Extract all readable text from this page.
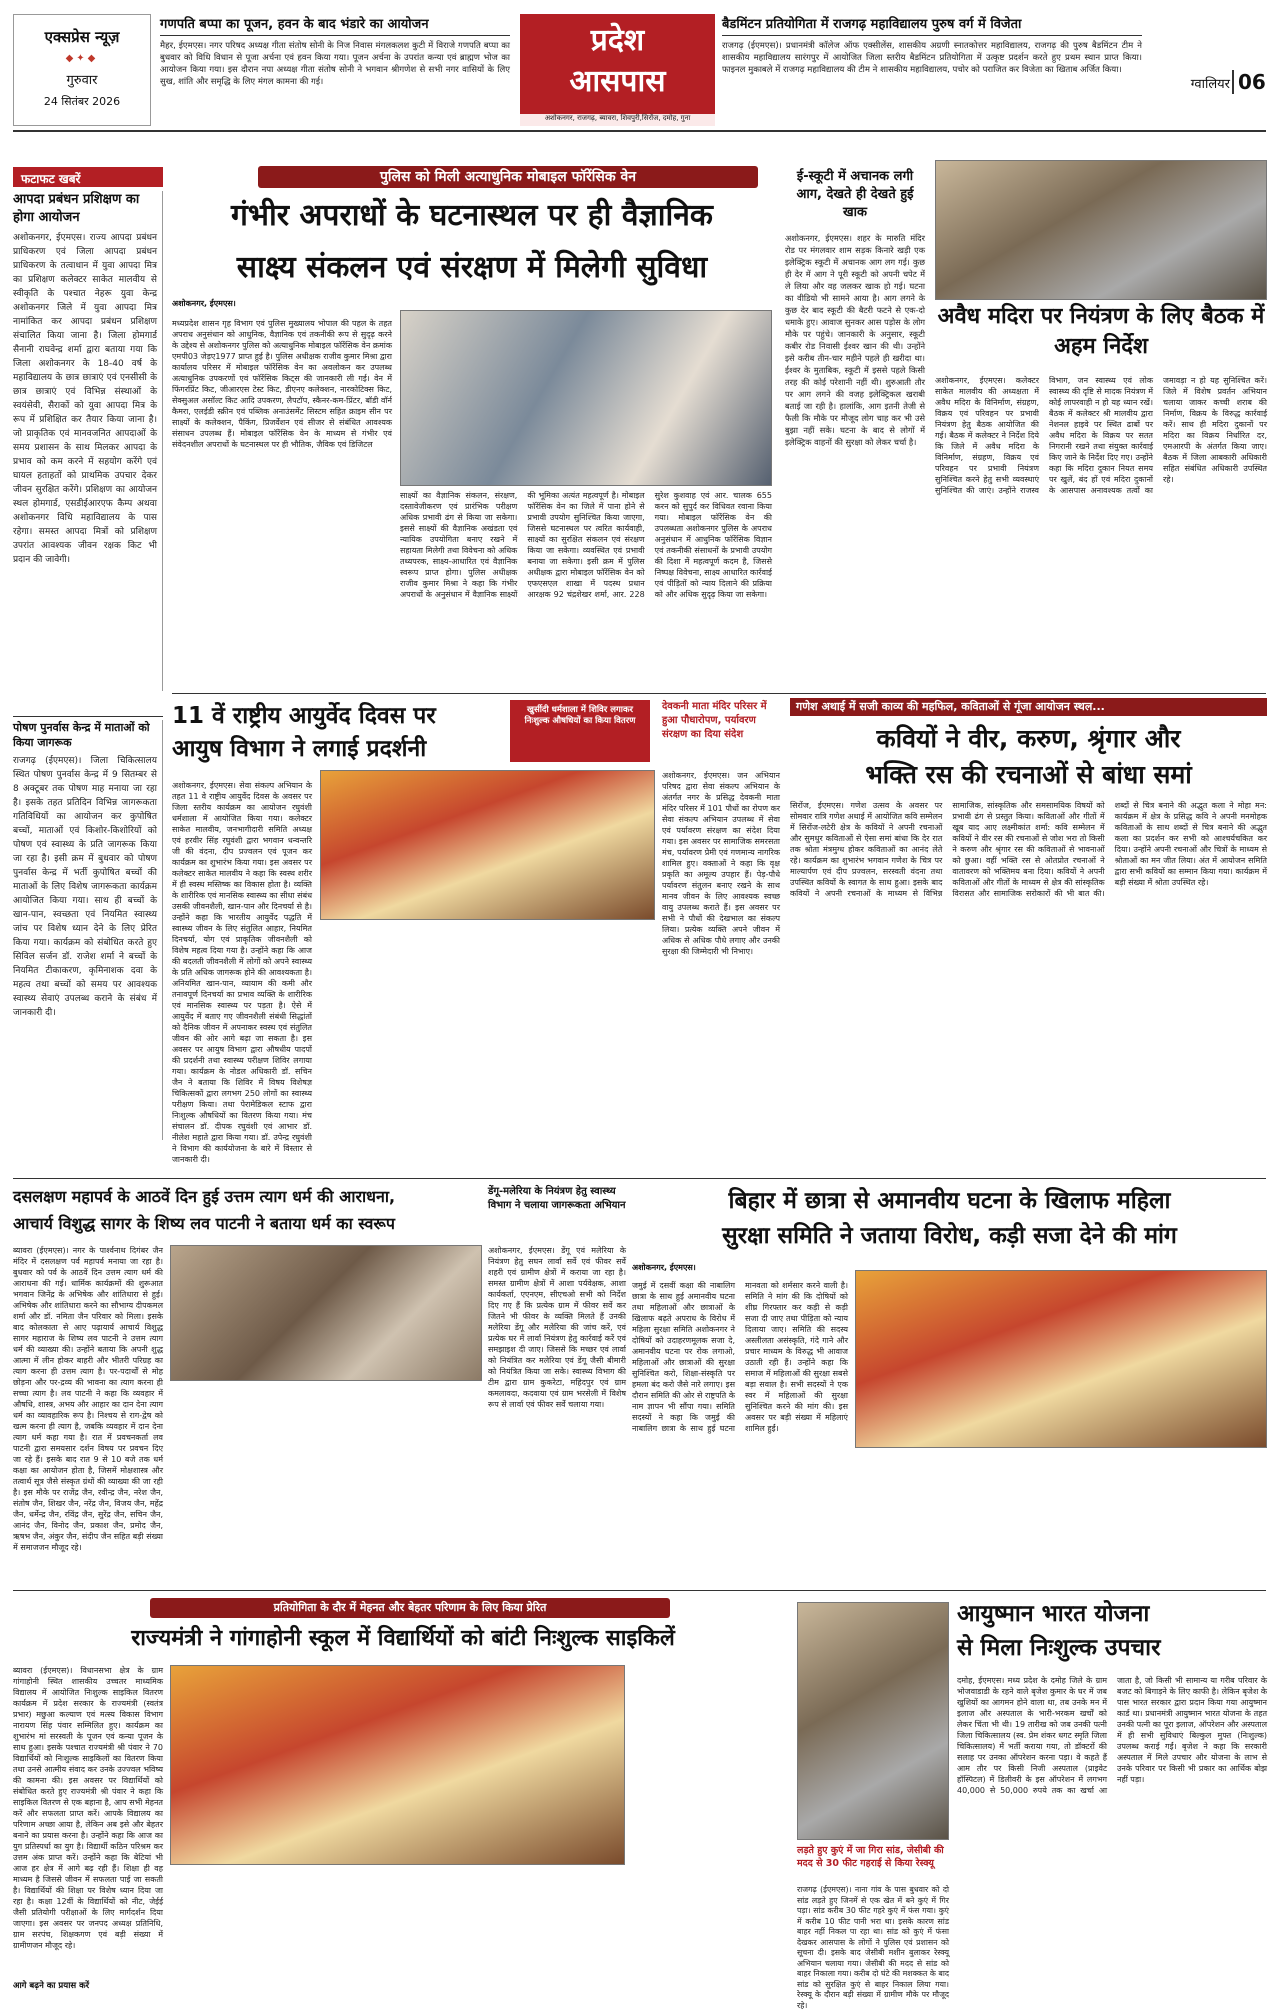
एक्सप्रेस न्यूज़
◆✦◆
गुरुवार
24 सितंबर 2026
गणपति बप्पा का पूजन, हवन के बाद भंडारे का आयोजन
मैहर, ईएमएस। नगर परिषद अध्यक्ष गीता संतोष सोनी के निज निवास मंगलकलश कुटी में विराजे गणपति बप्पा का बुधवार को विधि विधान से पूजा अर्चना एवं हवन किया गया। पूजन अर्चना के उपरांत कन्या एवं ब्राह्मण भोज का आयोजन किया गया। इस दौरान नपा अध्यक्ष गीता संतोष सोनी ने भगवान श्रीगणेश से सभी नगर वासियों के लिए सुख, शांति और समृद्धि के लिए मंगल कामना की गई।
प्रदेश
आसपास
अशोकनगर, राजगढ़, ब्यावरा, शिवपुरी,सिरोंज, दमोह, गुना
बैडमिंटन प्रतियोगिता में राजगढ़ महाविद्यालय पुरुष वर्ग में विजेता
राजगढ़ (ईएमएस)। प्रधानमंत्री कॉलेज ऑफ एक्सीलेंस, शासकीय अग्रणी स्नातकोत्तर महाविद्यालय, राजगढ़ की पुरुष बैडमिंटन टीम ने शासकीय महाविद्यालय सारंगपुर में आयोजित जिला स्तरीय बैडमिंटन प्रतियोगिता में उत्कृष्ट प्रदर्शन करते हुए प्रथम स्थान प्राप्त किया। फाइनल मुकाबले में राजगढ़ महाविद्यालय की टीम ने शासकीय महाविद्यालय, पचोर को पराजित कर विजेता का खिताब अर्जित किया।
ग्वालियर 06
फटाफट खबरें
आपदा प्रबंधन प्रशिक्षण का होगा आयोजन
अशोकनगर, ईएमएस। राज्य आपदा प्रबंधन प्राधिकरण एवं जिला आपदा प्रबंधन प्राधिकरण के तत्वाधान में युवा आपदा मित्र का प्रशिक्षण कलेक्टर साकेत मालवीय से स्वीकृति के पश्चात नेहरू युवा केन्द्र अशोकनगर जिले में युवा आपदा मित्र नामांकित कर आपदा प्रबंधन प्रशिक्षण संचालित किया जाना है। जिला होमगार्ड सैनानी राघवेन्द्र शर्मा द्वारा बताया गया कि जिला अशोकनगर के 18-40 वर्ष के महाविद्यालय के छात्र छात्राएं एवं एनसीसी के छात्र छात्राएं एवं विभिन्न संस्थाओं के स्वयंसेवी, सैराकों को युवा आपदा मित्र के रूप में प्रशिक्षित कर तैयार किया जाना है। जो प्राकृतिक एवं मानवजनित आपदाओं के समय प्रशासन के साथ मिलकर आपदा के प्रभाव को कम करने में सहयोग करेंगे एवं घायल हताहतों को प्राथमिक उपचार देकर जीवन सुरक्षित करेंगे। प्रशिक्षण का आयोजन स्थल होमगार्ड, एसडीईआरएफ कैम्प अथवा अशोकनगर विधि महाविद्यालय के पास रहेगा। समस्त आपदा मित्रों को प्रशिक्षण उपरांत आवश्यक जीवन रक्षक किट भी प्रदान की जावेगी।
पोषण पुनर्वास केन्द्र में माताओं को किया जागरूक
राजगढ़ (ईएमएस)। जिला चिकित्सालय स्थित पोषण पुनर्वास केन्द्र में 9 सितम्बर से 8 अक्टूबर तक पोषण माह मनाया जा रहा है। इसके तहत प्रतिदिन विभिन्न जागरूकता गतिविधियों का आयोजन कर कुपोषित बच्चों, माताओं एवं किशोर-किशोरियों को पोषण एवं स्वास्थ्य के प्रति जागरूक किया जा रहा है। इसी क्रम में बुधवार को पोषण पुनर्वास केन्द्र में भर्ती कुपोषित बच्चों की माताओं के लिए विशेष जागरूकता कार्यक्रम आयोजित किया गया। साथ ही बच्चों के खान-पान, स्वच्छता एवं नियमित स्वास्थ्य जांच पर विशेष ध्यान देने के लिए प्रेरित किया गया। कार्यक्रम को संबोधित करते हुए सिविल सर्जन डॉ. राजेश शर्मा ने बच्चों के नियमित टीकाकरण, कृमिनाशक दवा के महत्व तथा बच्चों को समय पर आवश्यक स्वास्थ्य सेवाएं उपलब्ध कराने के संबंध में जानकारी दी।
पुलिस को मिली अत्याधुनिक मोबाइल फॉरेंसिक वेन
गंभीर अपराधों के घटनास्थल पर ही वैज्ञानिक
साक्ष्य संकलन एवं संरक्षण में मिलेगी सुविधा
अशोकनगर, ईएमएस।
मध्यप्रदेश शासन गृह विभाग एवं पुलिस मुख्यालय भोपाल की पहल के तहत अपराध अनुसंधान को आधुनिक, वैज्ञानिक एवं तकनीकी रूप से सुदृढ़ करने के उद्देश्य से अशोकनगर पुलिस को अत्याधुनिक मोबाइल फॉरेंसिक वेन क्रमांक एमपी03 जेड़ए1977 प्राप्त हुई है। पुलिस अधीक्षक राजीव कुमार मिश्रा द्वारा कार्यालय परिसर में मोबाइल फॉरेंसिक वेन का अवलोकन कर उपलब्ध अत्याधुनिक उपकरणों एवं फॉरेंसिक किट्स की जानकारी ली गई। वेन में फिंगरप्रिंट किट, जीआरएस टेस्ट किट, डीएनए कलेक्शन, नारकोटिक्स किट, सेक्सुअल असॉल्ट किट आदि उपकरण, लैपटॉप, स्कैनर-कम-प्रिंटर, बॉडी वॉर्न कैमरा, एलईडी स्क्रीन एवं पब्लिक अनाउंसमेंट सिस्टम सहित क्राइम सीन पर साक्ष्यों के कलेक्शन, पैकिंग, प्रिजर्वेशन एवं सीजर से संबंधित आवश्यक संसाधन उपलब्ध हैं। मोबाइल फॉरेंसिक वेन के माध्यम से गंभीर एवं संवेदनशील अपराधों के घटनास्थल पर ही भौतिक, जैविक एवं डिजिटल
साक्ष्यों का वैज्ञानिक संकलन, संरक्षण, दस्तावेजीकरण एवं प्रारंभिक परीक्षण अधिक प्रभावी ढंग से किया जा सकेगा। इससे साक्ष्यों की वैज्ञानिक अखंडता एवं न्यायिक उपयोगिता बनाए रखने में सहायता मिलेगी तथा विवेचना को अधिक तथ्यपरक, साक्ष्य-आधारित एवं वैज्ञानिक स्वरूप प्राप्त होगा। पुलिस अधीक्षक राजीव कुमार मिश्रा ने कहा कि गंभीर अपराधों के अनुसंधान में वैज्ञानिक साक्ष्यों की भूमिका अत्यंत महत्वपूर्ण है। मोबाइल फॉरेंसिक वेन का जिले में पाना होने से प्रभावी उपयोग सुनिश्चित किया जाएगा, जिससे घटनास्थल पर त्वरित कार्यवाही, साक्ष्यों का सुरक्षित संकलन एवं संरक्षण किया जा सकेगा। व्यवस्थित एवं प्रभावी बनाया जा सकेगा। इसी क्रम में पुलिस अधीक्षक द्वारा मोबाइल फॉरेंसिक वेन को एफएसएल शाखा में पदस्थ प्रधान आरक्षक 92 चंद्रशेखर शर्मा, आर. 228 सुरेश कुशवाह एवं आर. चालक 655 करन को सुपुर्द कर विधिवत रवाना किया गया। मोबाइल फॉरेंसिक वेन की उपलब्धता अशोकनगर पुलिस के अपराध अनुसंधान में आधुनिक फॉरेंसिक विज्ञान एवं तकनीकी संसाधनों के प्रभावी उपयोग की दिशा में महत्वपूर्ण कदम है, जिससे निष्पक्ष विवेचना, साक्ष्य आधारित कार्रवाई एवं पीड़ितों को न्याय दिलाने की प्रक्रिया को और अधिक सुदृढ़ किया जा सकेगा।
ई-स्कूटी में अचानक लगी आग, देखते ही देखते हुई खाक
अशोकनगर, ईएमएस। शहर के मारुति मंदिर रोड पर मंगलवार शाम सड़क किनारे खड़ी एक इलेक्ट्रिक स्कूटी में अचानक आग लग गई। कुछ ही देर में आग ने पूरी स्कूटी को अपनी चपेट में ले लिया और वह जलकर खाक हो गई। घटना का वीडियो भी सामने आया है। आग लगने के कुछ देर बाद स्कूटी की बैटरी फटने से एक-दो धमाके हुए। आवाज सुनकर आस पड़ोस के लोग मौके पर पहुंचे। जानकारी के अनुसार, स्कूटी कबीर रोड निवासी ईश्वर खान की थी। उन्होंने इसे करीब तीन-चार महीने पहले ही खरीदा था। ईश्वर के मुताबिक, स्कूटी में इससे पहले किसी तरह की कोई परेशानी नहीं थी। शुरुआती तौर पर आग लगने की वजह इलेक्ट्रिकल खराबी बताई जा रही है। हालांकि, आग इतनी तेजी से फैली कि मौके पर मौजूद लोग चाह कर भी उसे बुझा नहीं सके। घटना के बाद से लोगों में इलेक्ट्रिक वाहनों की सुरक्षा को लेकर चर्चा है।
अवैध मदिरा पर नियंत्रण के लिए बैठक में अहम निर्देश
अशोकनगर, ईएमएस। कलेक्टर साकेत मालवीय की अध्यक्षता में अवैध मदिरा के विनिर्माण, संग्रहण, विक्रय एवं परिवहन पर प्रभावी नियंत्रण हेतु बैठक आयोजित की गई। बैठक में कलेक्टर ने निर्देश दिये कि जिले में अवैध मदिरा के विनिर्माण, संग्रहण, विक्रय एवं परिवहन पर प्रभावी नियंत्रण सुनिश्चित करने हेतु सभी व्यवस्थाएं सुनिश्चित की जाएं। उन्होंने राजस्व विभाग, जन स्वास्थ्य एवं लोक स्वास्थ्य की दृष्टि से मादक नियंत्रण में कोई लापरवाही न हो यह ध्यान रखें। बैठक में कलेक्टर श्री मालवीय द्वारा नेशनल हाइवे पर स्थित ढाबों पर अवैध मदिरा के विक्रय पर सतत निगरानी रखने तथा संयुक्त कार्रवाई किए जाने के निर्देश दिए गए। उन्होंने कहा कि मदिरा दुकान नियत समय पर खुलें, बंद हों एवं मदिरा दुकानों के आसपास अनावश्यक तत्वों का जमावड़ा न हो यह सुनिश्चित करें। जिले में विशेष प्रवर्तन अभियान चलाया जाकर कच्ची शराब की निर्माण, विक्रय के विरुद्ध कार्रवाई करें। साथ ही मदिरा दुकानों पर मदिरा का विक्रय निर्धारित दर, एमआरपी के अंतर्गत किया जाए। बैठक में जिला आबकारी अधिकारी सहित संबंधित अधिकारी उपस्थित रहे।
11 वें राष्ट्रीय आयुर्वेद दिवस पर
आयुष विभाग ने लगाई प्रदर्शनी
खुर्सीदी धर्मशाला में शिविर लगाकर निःशुल्क औषधियों का किया वितरण
अशोकनगर, ईएमएस। सेवा संकल्प अभियान के तहत 11 वे राष्ट्रीय आयुर्वेद दिवस के अवसर पर जिला स्तरीय कार्यक्रम का आयोजन रघुवंशी धर्मशाला में आयोजित किया गया। कलेक्टर साकेत मालवीय, जनभागीदारी समिति अध्यक्ष एवं हरवीर सिंह रघुवंशी द्वारा भगवान धन्वन्तरि जी की वंदना, दीप प्रज्वलन एवं पूजन कर कार्यक्रम का शुभारंभ किया गया। इस अवसर पर कलेक्टर साकेत मालवीय ने कहा कि स्वस्थ शरीर में ही स्वस्थ मस्तिष्क का विकास होता है। व्यक्ति के शारीरिक एवं मानसिक स्वास्थ्य का सीधा संबंध उसकी जीवनशैली, खान-पान और दिनचर्या से है। उन्होंने कहा कि भारतीय आयुर्वेद पद्धति में स्वास्थ्य जीवन के लिए संतुलित आहार, नियमित दिनचर्या, योग एवं प्राकृतिक जीवनशैली को विशेष महत्व दिया गया है। उन्होंने कहा कि आज की बदलती जीवनशैली में लोगों को अपने स्वास्थ्य के प्रति अधिक जागरूक होने की आवश्यकता है। अनियमित खान-पान, व्यायाम की कमी और तनावपूर्ण दिनचर्या का प्रभाव व्यक्ति के शारीरिक एवं मानसिक स्वास्थ्य पर पड़ता है। ऐसे में आयुर्वेद में बताए गए जीवनशैली संबंधी सिद्धांतों को दैनिक जीवन में अपनाकर स्वस्थ एवं संतुलित जीवन की ओर आगे बढ़ा जा सकता है। इस अवसर पर आयुष विभाग द्वारा औषधीय पादपों की प्रदर्शनी तथा स्वास्थ्य परीक्षण शिविर लगाया गया। कार्यक्रम के नोडल अधिकारी डॉ. सचिन जैन ने बताया कि शिविर में विषय विशेषज्ञ चिकित्सकों द्वारा लगभग 250 लोगों का स्वास्थ्य परीक्षण किया। तथा पेरामेडिकल स्टाफ द्वारा निःशुल्क औषधियों का वितरण किया गया। मंच संचालन डॉ. दीपक रघुवंशी एवं आभार डॉ. नीलेश महाते द्वारा किया गया। डॉ. उपेन्द्र रघुवंशी ने विभाग की कार्ययोजना के बारे में विस्तार से जानकारी दी।
देवकनी माता मंदिर परिसर में हुआ पौधारोपण, पर्यावरण संरक्षण का दिया संदेश
अशोकनगर, ईएमएस। जन अभियान परिषद द्वारा सेवा संकल्प अभियान के अंतर्गत नगर के प्रसिद्ध देवकनी माता मंदिर परिसर में 101 पौधों का रोपण कर सेवा संकल्प अभियान उपलब्ध में सेवा एवं पर्यावरण संरक्षण का संदेश दिया गया। इस अवसर पर सामाजिक समरसता मंच, पर्यावरण प्रेमी एवं गणमान्य नागरिक शामिल हुए। वक्ताओं ने कहा कि वृक्ष प्रकृति का अमूल्य उपहार हैं। पेड़-पौधे पर्यावरण संतुलन बनाए रखने के साथ मानव जीवन के लिए आवश्यक स्वच्छ वायु उपलब्ध कराते हैं। इस अवसर पर सभी ने पौधों की देखभाल का संकल्प लिया। प्रत्येक व्यक्ति अपने जीवन में अधिक से अधिक पौधे लगाए और उनकी सुरक्षा की जिम्मेदारी भी निभाए।
गणेश अथाई में सजी काव्य की महफिल, कविताओं से गूंजा आयोजन स्थल...
कवियों ने वीर, करुण, श्रृंगार और
भक्ति रस की रचनाओं से बांधा समां
सिरोंज, ईएमएस। गणेश उत्सव के अवसर पर सोमवार रात्रि गणेश अथाई में आयोजित कवि सम्मेलन में सिरोंज-लटेरी क्षेत्र के कवियों ने अपनी रचनाओं और सुमधुर कविताओं से ऐसा समां बांधा कि देर रात तक श्रोता मंत्रमुग्ध होकर कविताओं का आनंद लेते रहे। कार्यक्रम का शुभारंभ भगवान गणेश के चित्र पर माल्यार्पण एवं दीप प्रज्वलन, सरस्वती वंदना तथा उपस्थित कवियों के स्वागत के साथ हुआ। इसके बाद कवियों ने अपनी रचनाओं के माध्यम से विभिन्न सामाजिक, सांस्कृतिक और समसामयिक विषयों को प्रभावी ढंग से प्रस्तुत किया। कविताओं और गीतों में खूब याद आए लक्ष्मीकांत शर्मा: कवि सम्मेलन में कवियों ने वीर रस की रचनाओं से जोश भरा तो किसी ने करुण और श्रृंगार रस की कविताओं से भावनाओं को छुआ। वहीं भक्ति रस से ओतप्रोत रचनाओं ने वातावरण को भक्तिमय बना दिया। कवियों ने अपनी कविताओं और गीतों के माध्यम से क्षेत्र की सांस्कृतिक विरासत और सामाजिक सरोकारों की भी बात की। शब्दों से चित्र बनाने की अद्भुत कला ने मोहा मन: कार्यक्रम में क्षेत्र के प्रसिद्ध कवि ने अपनी मनमोहक कविताओं के साथ शब्दों से चित्र बनाने की अद्भुत कला का प्रदर्शन कर सभी को आश्चर्यचकित कर दिया। उन्होंने अपनी रचनाओं और चित्रों के माध्यम से श्रोताओं का मन जीत लिया। अंत में आयोजन समिति द्वारा सभी कवियों का सम्मान किया गया। कार्यक्रम में बड़ी संख्या में श्रोता उपस्थित रहे।
दसलक्षण महापर्व के आठवें दिन हुई उत्तम त्याग धर्म की आराधना,
आचार्य विशुद्ध सागर के शिष्य लव पाटनी ने बताया धर्म का स्वरूप
ब्यावरा (ईएमएस)। नगर के पार्श्वनाथ दिगंबर जैन मंदिर में दसलक्षण पर्व महापर्व मनाया जा रहा है। बुधवार को पर्व के आठवें दिन उत्तम त्याग धर्म की आराधना की गई। धार्मिक कार्यक्रमों की शुरूआत भगवान जिनेंद्र के अभिषेक और शांतिधारा से हुई। अभिषेक और शांतिधारा करने का सौभाग्य दीपकमल शर्मा और डॉ. नमिता जैन परिवार को मिला। इसके बाद कोलकाता से आए पढ़ायार्य आचार्य विशुद्ध सागर महाराज के शिष्य लव पाटनी ने उत्तम त्याग धर्म की व्याख्या की। उन्होंने बताया कि अपनी शुद्ध आत्मा में लीन होकर बाहरी और भीतरी परिग्रह का त्याग करना ही उत्तम त्याग है। पर-पदार्थों से मोह छोड़ना और पर-द्रव्य की भावना का त्याग करना ही सच्चा त्याग है। लव पाटनी ने कहा कि व्यवहार में औषधि, शास्त्र, अभय और आहार का दान देना त्याग धर्म का व्यावहारिक रूप है। निश्चय से राग-द्वेष को खत्म करना ही त्याग है, जबकि व्यवहार में दान देना त्याग धर्म कहा गया है। रात में प्रवचनकर्ता लव पाटनी द्वारा समयसार दर्शन विषय पर प्रवचन दिए जा रहे हैं। इसके बाद रात 9 से 10 बजे तक धर्म कक्षा का आयोजन होता है, जिसमें मोक्षशास्त्र और तत्वार्थ सूत्र जैसे संस्कृत ग्रंथों की व्याख्या की जा रही है। इस मौके पर राजेंद्र जैन, रवीन्द्र जैन, नरेश जैन, संतोष जैन, शिखर जैन, नरेंद्र जैन, विजय जैन, महेंद्र जैन, धर्मेन्द्र जैन, रविंद्र जैन, सुरेंद्र जैन, सचिन जैन, आनंद जैन, विनोद जैन, प्रकाश जैन, प्रमोद जैन, ऋषभ जैन, अंकुर जैन, संदीप जैन सहित बड़ी संख्या में समाजजन मौजूद रहे।
डेंगू-मलेरिया के नियंत्रण हेतु स्वास्थ्य विभाग ने चलाया जागरूकता अभियान
अशोकनगर, ईएमएस। डेंगू एवं मलेरिया के नियंत्रण हेतु सघन लार्वा सर्वे एवं फीवर सर्वे शहरी एवं ग्रामीण क्षेत्रों में कराया जा रहा है। समस्त ग्रामीण क्षेत्रों में आशा पर्यवेक्षक, आशा कार्यकर्ता, एएनएम, सीएचओ सभी को निर्देश दिए गए हैं कि प्रत्येक ग्राम में फीवर सर्वे कर जितने भी फीवर के व्यक्ति मिलते हैं उनकी मलेरिया डेंगू और मलेरिया की जांच करें, एवं प्रत्येक घर में लार्वा नियंत्रण हेतु कार्रवाई करें एवं समझाइश दी जाए। जिससे कि मच्छर एवं लार्वा को नियंत्रित कर मलेरिया एवं डेंगू जैसी बीमारी को नियंत्रित किया जा सके। स्वास्थ्य विभाग की टीम द्वारा ग्राम कुकरेटा, महिदपुर एवं ग्राम कमलावदा, कदवाया एवं ग्राम भरसेली में विशेष रूप से लार्वा एवं फीवर सर्वे चलाया गया।
बिहार में छात्रा से अमानवीय घटना के खिलाफ महिला
सुरक्षा समिति ने जताया विरोध, कड़ी सजा देने की मांग
अशोकनगर, ईएमएस।
जमुई में दसवीं कक्षा की नाबालिग छात्रा के साथ हुई अमानवीय घटना तथा महिलाओं और छात्राओं के खिलाफ बढ़ते अपराध के विरोध में महिला सुरक्षा समिति अशोकनगर ने दोषियों को उदाहरणमूलक सजा दे, अमानवीय घटना पर रोक लगाओ, महिलाओं और छात्राओं की सुरक्षा सुनिश्चित करो, शिक्षा-संस्कृति पर हमला बंद करो जैसे नारे लगाए। इस दौरान समिति की ओर से राष्ट्रपति के नाम ज्ञापन भी सौंपा गया। समिति सदस्यों ने कहा कि जमुई की नाबालिग छात्रा के साथ हुई घटना मानवता को शर्मसार करने वाली है। समिति ने मांग की कि दोषियों को शीघ्र गिरफ्तार कर कड़ी से कड़ी सजा दी जाए तथा पीड़िता को न्याय दिलाया जाए। समिति की सदस्य अस्लीलता असंस्कृति, गंदे गाने और प्रचार माध्यम के विरुद्ध भी आवाज उठाती रही हैं। उन्होंने कहा कि समाज में महिलाओं की सुरक्षा सबसे बड़ा सवाल है। सभी सदस्यों ने एक स्वर में महिलाओं की सुरक्षा सुनिश्चित करने की मांग की। इस अवसर पर बड़ी संख्या में महिलाएं शामिल हुईं।
प्रतियोगिता के दौर में मेहनत और बेहतर परिणाम के लिए किया प्रेरित
राज्यमंत्री ने गांगाहोनी स्कूल में विद्यार्थियों को बांटी निःशुल्क साइकिलें
ब्यावरा (ईएमएस)। विधानसभा क्षेत्र के ग्राम गांगाहोनी स्थित शासकीय उच्चतर माध्यमिक विद्यालय में आयोजित निःशुल्क साइकिल वितरण कार्यक्रम में प्रदेश सरकार के राज्यमंत्री (स्वतंत्र प्रभार) मछुआ कल्याण एवं मत्स्य विकास विभाग नारायण सिंह पंवार सम्मिलित हुए। कार्यक्रम का शुभारंभ मां सरस्वती के पूजन एवं कन्या पूजन के साथ हुआ। इसके पश्चात राज्यमंत्री श्री पंवार ने 70 विद्यार्थियों को निःशुल्क साइकिलों का वितरण किया तथा उनसे आत्मीय संवाद कर उनके उज्ज्वल भविष्य की कामना की। इस अवसर पर विद्यार्थियों को संबोधित करते हुए राज्यमंत्री श्री पंवार ने कहा कि साइकिल वितरण से एक बहाना है, आप सभी मेहनत करें और सफलता प्राप्त करें। आपके विद्यालय का परिणाम अच्छा आया है, लेकिन अब इसे और बेहतर बनाने का प्रयास करना है। उन्होंने कहा कि आज का युग प्रतिस्पर्धा का युग है। विद्यार्थी कठिन परिश्रम कर उत्तम अंक प्राप्त करें। उन्होंने कहा कि बेटियां भी आज हर क्षेत्र में आगे बढ़ रही हैं। शिक्षा ही वह माध्यम है जिससे जीवन में सफलता पाई जा सकती है। विद्यार्थियों की शिक्षा पर विशेष ध्यान दिया जा रहा है। कक्षा 12वीं के विद्यार्थियों को नीट, जेईई जैसी प्रतियोगी परीक्षाओं के लिए मार्गदर्शन दिया जाएगा। इस अवसर पर जनपद अध्यक्ष प्रतिनिधि, ग्राम सरपंच, शिक्षकगण एवं बड़ी संख्या में ग्रामीणजन मौजूद रहे।
आगे बढ़ने का प्रयास करें
लड़ते हुए कुएं में जा गिरा सांड, जेसीबी की मदद से 30 फीट गहराई से किया रेस्क्यू
राजगढ़ (ईएमएस)। नाना गांव के पास बुधवार को दो सांड लड़ते हुए जिनमें से एक खेत में बने कुएं में गिर पड़ा। सांड करीब 30 फीट गहरे कुएं में फंस गया। कुएं में करीब 10 फीट पानी भरा था। इसके कारण सांड बाहर नहीं निकल पा रहा था। सांड को कुएं में फंसा देखकर आसपास के लोगों ने पुलिस एवं प्रशासन को सूचना दी। इसके बाद जेसीबी मशीन बुलाकर रेस्क्यू अभियान चलाया गया। जेसीबी की मदद से सांड को बाहर निकाला गया। करीब दो घंटे की मशक्कत के बाद सांड को सुरक्षित कुएं से बाहर निकाल लिया गया। रेस्क्यू के दौरान बड़ी संख्या में ग्रामीण मौके पर मौजूद रहे।
आयुष्मान भारत योजना
से मिला निःशुल्क उपचार
दमोह, ईएमएस। मध्य प्रदेश के दमोह जिले के ग्राम भोजवाडाडी के रहने वाले बृजेश कुमार के घर में जब खुशियों का आगमन होने वाला था, तब उनके मन में इलाज और अस्पताल के भारी-भरकम खर्चों को लेकर चिंता भी थी। 19 तारीख को जब उनकी पत्नी जिला चिकित्सालय (स्व. प्रेम शंकर धगट स्मृति जिला चिकित्सालय) में भर्ती कराया गया, तो डॉक्टरों की सलाह पर उनका ऑपरेशन करना पड़ा। वे कहते हैं आम तौर पर किसी निजी अस्पताल (प्राइवेट हॉस्पिटल) में डिलीवरी के इस ऑपरेशन में लगभग 40,000 से 50,000 रुपये तक का खर्चा आ जाता है, जो किसी भी सामान्य या गरीब परिवार के बजट को बिगाड़ने के लिए काफी है। लेकिन बृजेश के पास भारत सरकार द्वारा प्रदान किया गया आयुष्मान कार्ड था। प्रधानमंत्री आयुष्मान भारत योजना के तहत उनकी पत्नी का पूरा इलाज, ऑपरेशन और अस्पताल में ही सभी सुविधाएं बिल्कुल मुफ्त (निःशुल्क) उपलब्ध कराई गईं। बृजेश ने कहा कि सरकारी अस्पताल में मिले उपचार और योजना के लाभ से उनके परिवार पर किसी भी प्रकार का आर्थिक बोझ नहीं पड़ा।
